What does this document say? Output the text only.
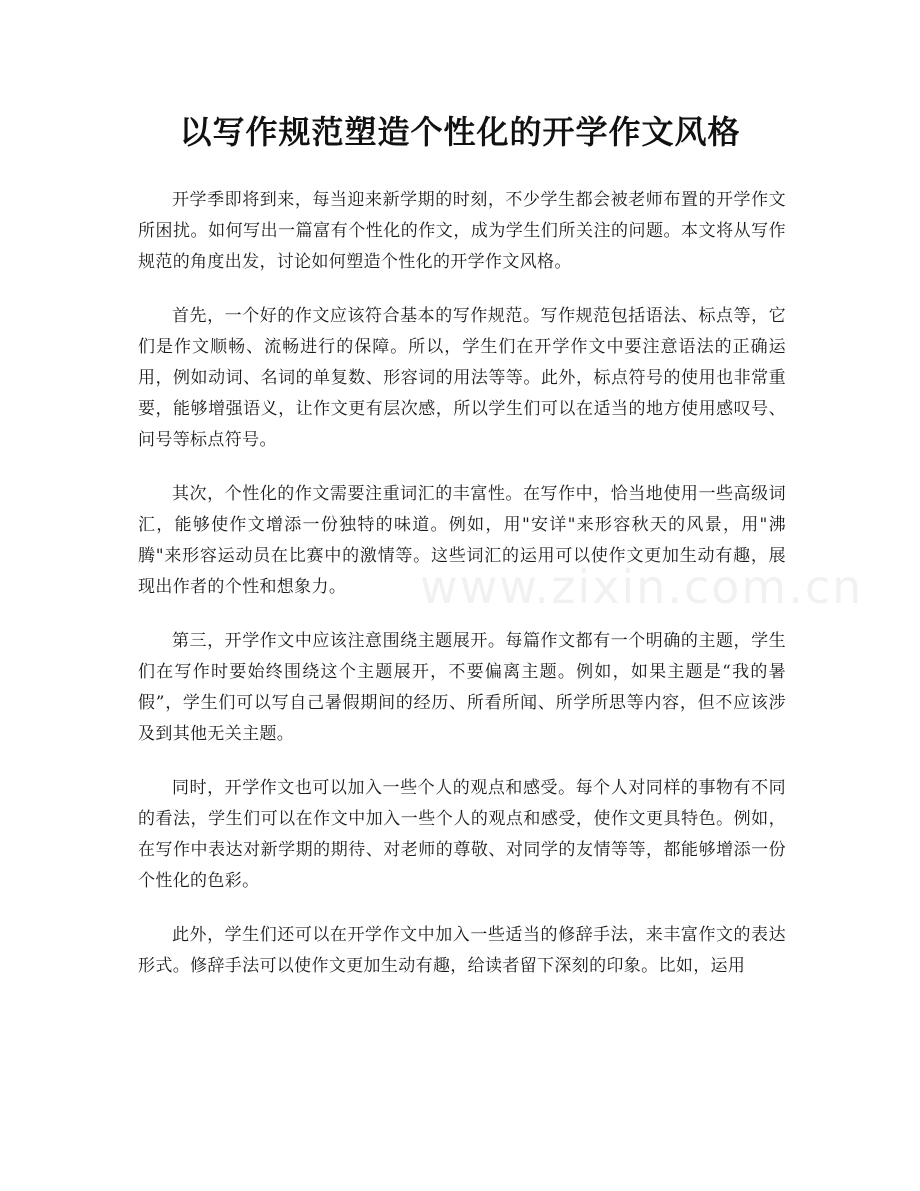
以写作规范塑造个性化的开学作文风格

开学季即将到来，每当迎来新学期的时刻，不少学生都会被老师布置的开学作文所困扰。如何写出一篇富有个性化的作文，成为学生们所关注的问题。本文将从写作规范的角度出发，讨论如何塑造个性化的开学作文风格。

首先，一个好的作文应该符合基本的写作规范。写作规范包括语法、标点等，它们是作文顺畅、流畅进行的保障。所以，学生们在开学作文中要注意语法的正确运用，例如动词、名词的单复数、形容词的用法等等。此外，标点符号的使用也非常重要，能够增强语义，让作文更有层次感，所以学生们可以在适当的地方使用感叹号、问号等标点符号。

其次，个性化的作文需要注重词汇的丰富性。在写作中，恰当地使用一些高级词汇，能够使作文增添一份独特的味道。例如，用"安详"来形容秋天的风景，用"沸腾"来形容运动员在比赛中的激情等。这些词汇的运用可以使作文更加生动有趣，展现出作者的个性和想象力。

第三，开学作文中应该注意围绕主题展开。每篇作文都有一个明确的主题，学生们在写作时要始终围绕这个主题展开，不要偏离主题。例如，如果主题是“我的暑假”，学生们可以写自己暑假期间的经历、所看所闻、所学所思等内容，但不应该涉及到其他无关主题。

同时，开学作文也可以加入一些个人的观点和感受。每个人对同样的事物有不同的看法，学生们可以在作文中加入一些个人的观点和感受，使作文更具特色。例如，在写作中表达对新学期的期待、对老师的尊敬、对同学的友情等等，都能够增添一份个性化的色彩。

此外，学生们还可以在开学作文中加入一些适当的修辞手法，来丰富作文的表达形式。修辞手法可以使作文更加生动有趣，给读者留下深刻的印象。比如，运用

www.zixin.com.cn
